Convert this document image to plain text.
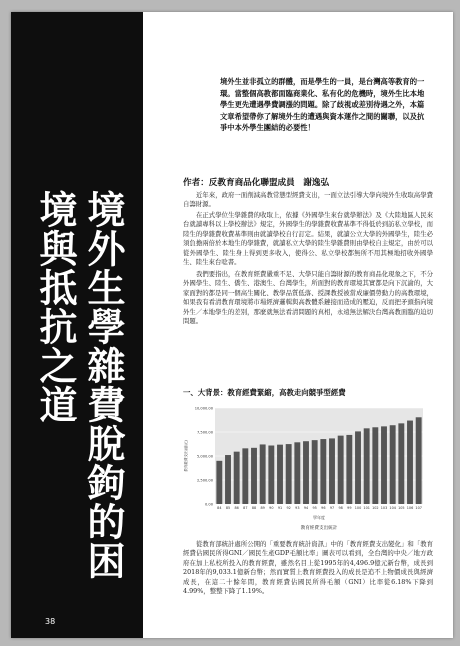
境外生學雜費脫鉤的困境與抵抗之道
38

境外生並非孤立的群體，而是學生的一員，是台灣高等教育的一環。當整個高教都面臨商業化、私有化的危機時，境外生比本地學生更先遭遇學費調漲的問題。除了歧視或差別待遇之外，本篇文章希望帶你了解境外生的遭遇與資本運作之間的關聯，以及抗爭中本外學生團結的必要性！

作者：反教育商品化聯盟成員　謝逸弘

近年來，政府一面削減高教常態型經費支出，一面立法引導大學向境外生收取高學費自籌財源。

在正式學位生學雜費的收取上，依據《外國學生來台就學辦法》及《大陸地區人民來台就讀專科以上學校辦法》規定，外國學生的學雜費收費基準不得低於到訪私立學校，而陸生的學雜費收費基準則由就讀學校自行訂定。結果，就讀公立大學的外國學生，陸生必須負擔兩倍於本地生的學雜費，就讀私立大學的陸生學雜費則由學校自主規定，由於可以從外國學生、陸生身上得到更多收入，使得公、私立學校都無所不用其極地招收外國學生、陸生來台唸書。

我們要指出，在教育經費嚴重不足、大學只能自籌財源的教育商品化現象之下，不分外國學生、陸生、僑生、港澳生、台灣學生，所面對的教育環境其實都是向下沉淪的，大家面對的都是同一個高生關化、教學品質低落、授課教授被當成廉價勞動力的高教環境，如果我有看清教育環境將市場經濟邏輯與高教體系鏈接而造成的壓迫，反而把矛頭指向境外生／本地學生的差別，那麼就無法看清問題的真相，永遠無法解決台灣高教面臨的迫切問題。

一、大背景：教育經費緊縮，高教走向競爭型經費

0.00
2,500.00
5,000.00
7,500.00
10,000.00
84 85 86 87 88 89 90 91 92 93 94 95 96 97 98 99 100 101 102 103 104 105 106 107
教育經費支出(億元)
學年度
教育經費支出統計

從教育部統計處所公開的「重要教育統計資訊」中的「教育經費支出變化」和「教育經費佔國民所得GNI／國民生產GDP毛額比率」圖表可以看到，全台灣的中央／地方政府在加上私校所投入的教育經費，雖然名目上從1995年的4,496.9億元新台幣，成長到2018年的9,033.1億新台幣；然而實質上教育經費投入的成長是追不上物價成長與經濟成長，在這二十餘年間，教育經費佔國民所得毛額（GNI）比率從6.18%下降到4.99%，整整下降了1.19%。
